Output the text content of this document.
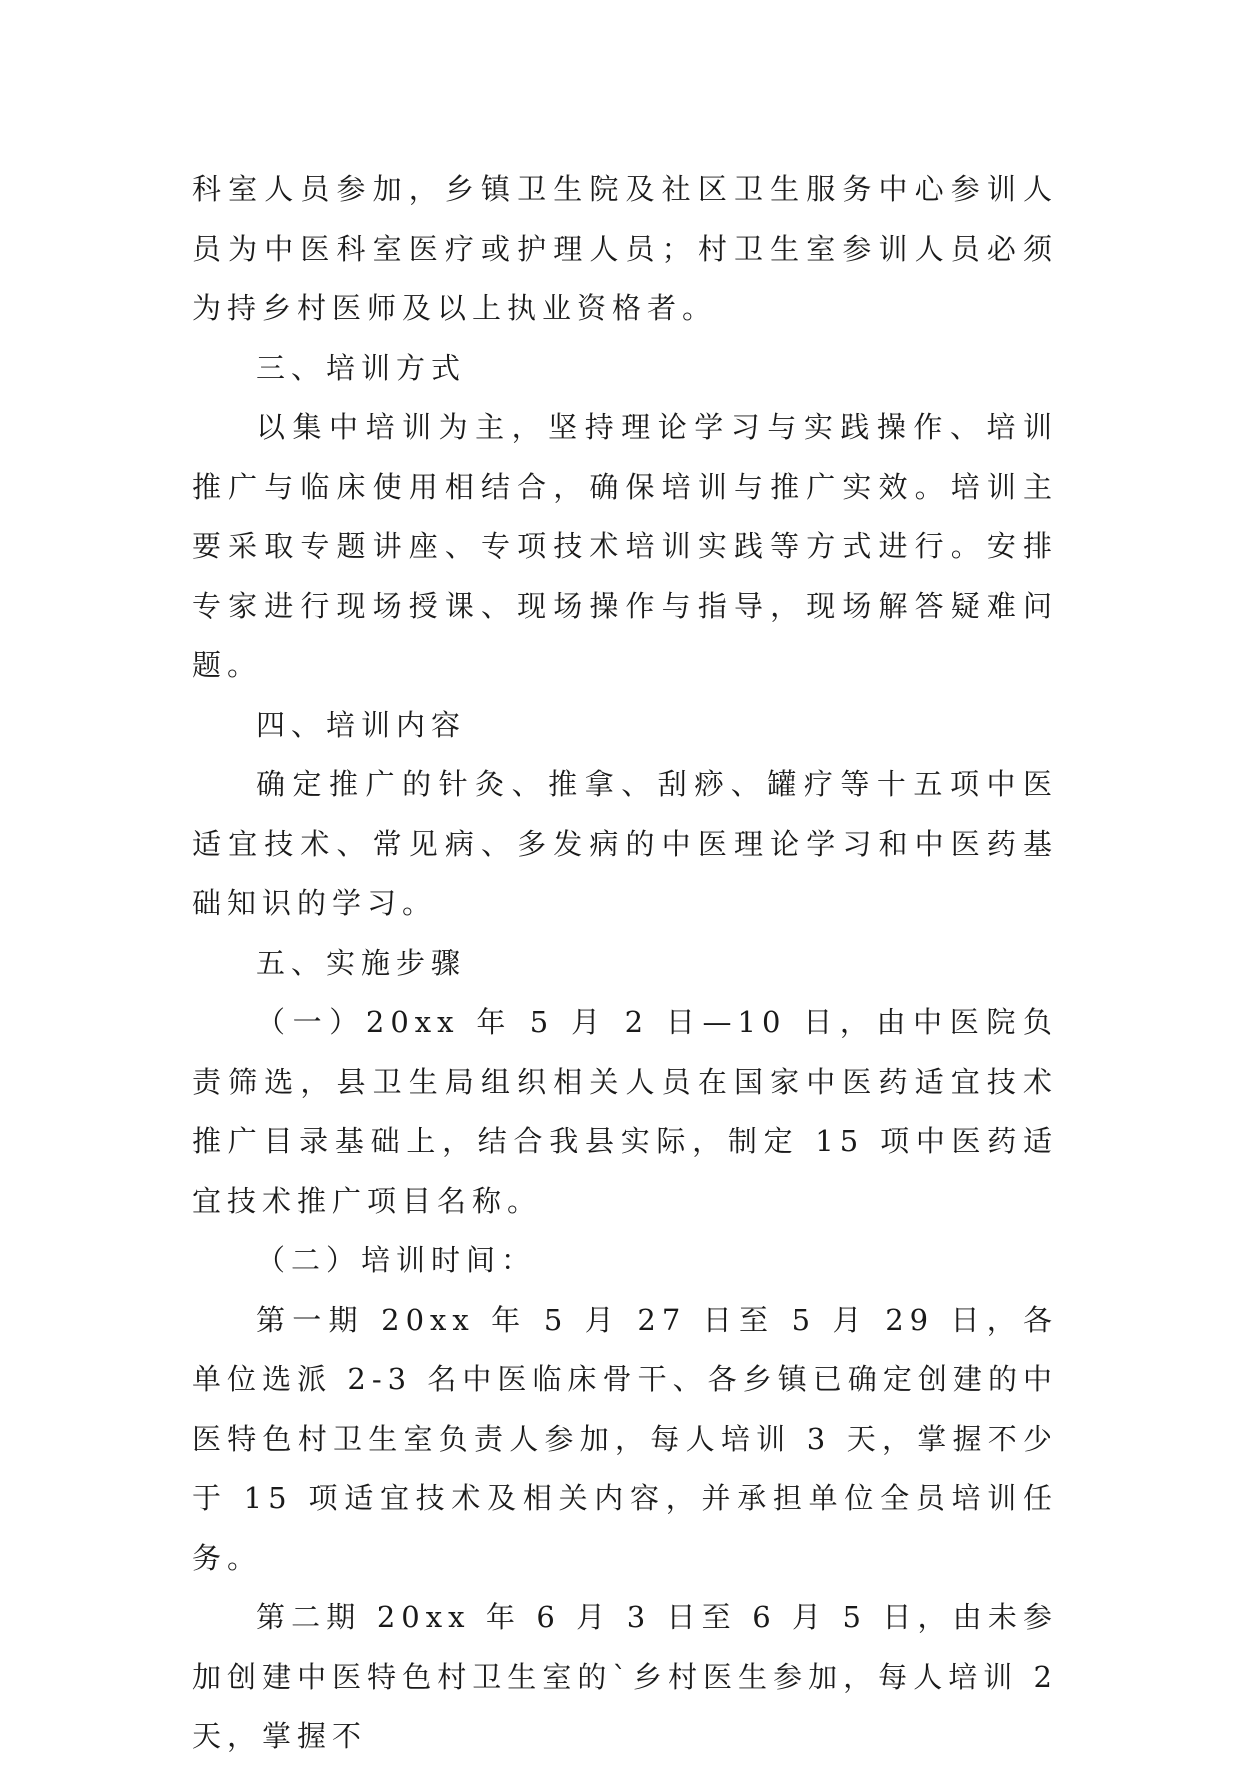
科室人员参加，乡镇卫生院及社区卫生服务中心参训人员为中医科室医疗或护理人员；村卫生室参训人员必须为持乡村医师及以上执业资格者。

三、培训方式

以集中培训为主，坚持理论学习与实践操作、培训推广与临床使用相结合，确保培训与推广实效。培训主要采取专题讲座、专项技术培训实践等方式进行。安排专家进行现场授课、现场操作与指导，现场解答疑难问题。

四、培训内容

确定推广的针灸、推拿、刮痧、罐疗等十五项中医适宜技术、常见病、多发病的中医理论学习和中医药基础知识的学习。

五、实施步骤

（一）20xx 年 5 月 2 日—10 日，由中医院负责筛选，县卫生局组织相关人员在国家中医药适宜技术推广目录基础上，结合我县实际，制定 15 项中医药适宜技术推广项目名称。

（二）培训时间：

第一期 20xx 年 5 月 27 日至 5 月 29 日，各单位选派 2-3 名中医临床骨干、各乡镇已确定创建的中医特色村卫生室负责人参加，每人培训 3 天，掌握不少于 15 项适宜技术及相关内容，并承担单位全员培训任务。

第二期 20xx 年 6 月 3 日至 6 月 5 日，由未参加创建中医特色村卫生室的`乡村医生参加，每人培训 2 天，掌握不
